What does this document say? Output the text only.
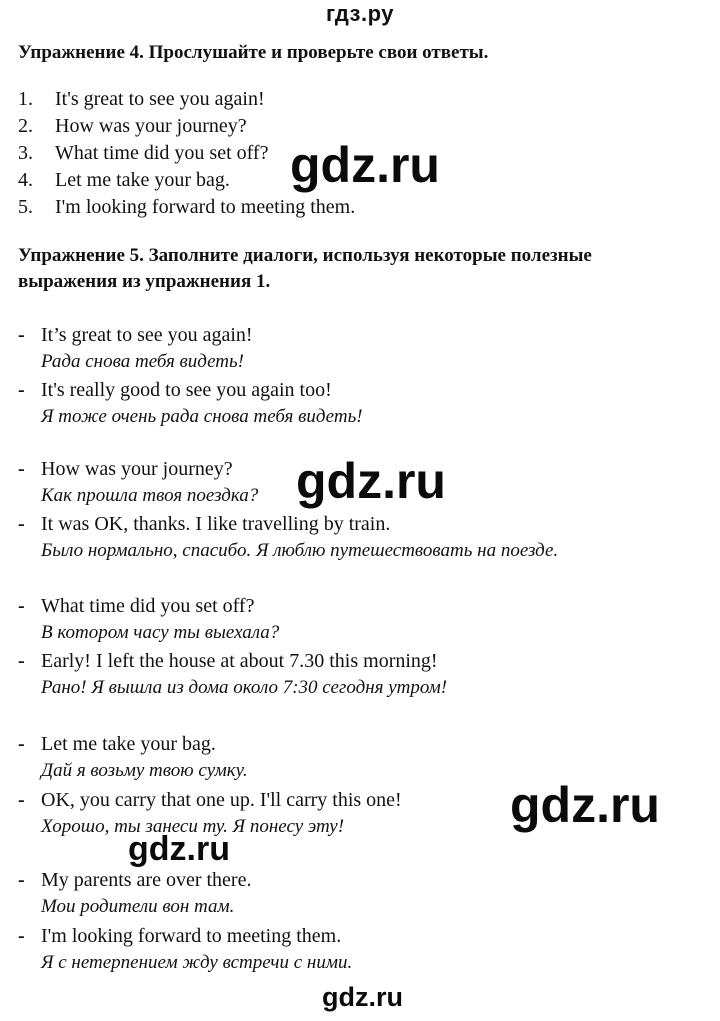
гдз.ру
Упражнение 4. Прослушайте и проверьте свои ответы.
1. It's great to see you again!
2. How was your journey?
3. What time did you set off?
4. Let me take your bag.
5. I'm looking forward to meeting them.
Упражнение 5. Заполните диалоги, используя некоторые полезные
выражения из упражнения 1.
- It’s great to see you again!
Рада снова тебя видеть!
- It's really good to see you again too!
Я тоже очень рада снова тебя видеть!
- How was your journey?
Как прошла твоя поездка?
- It was OK, thanks. I like travelling by train.
Было нормально, спасибо. Я люблю путешествовать на поезде.
- What time did you set off?
В котором часу ты выехала?
- Early! I left the house at about 7.30 this morning!
Рано! Я вышла из дома около 7:30 сегодня утром!
- Let me take your bag.
Дай я возьму твою сумку.
- OK, you carry that one up. I'll carry this one!
Хорошо, ты занеси ту. Я понесу эту!
- My parents are over there.
Мои родители вон там.
- I'm looking forward to meeting them.
Я с нетерпением жду встречи с ними.
gdz.ru
gdz.ru
gdz.ru
gdz.ru
gdz.ru
